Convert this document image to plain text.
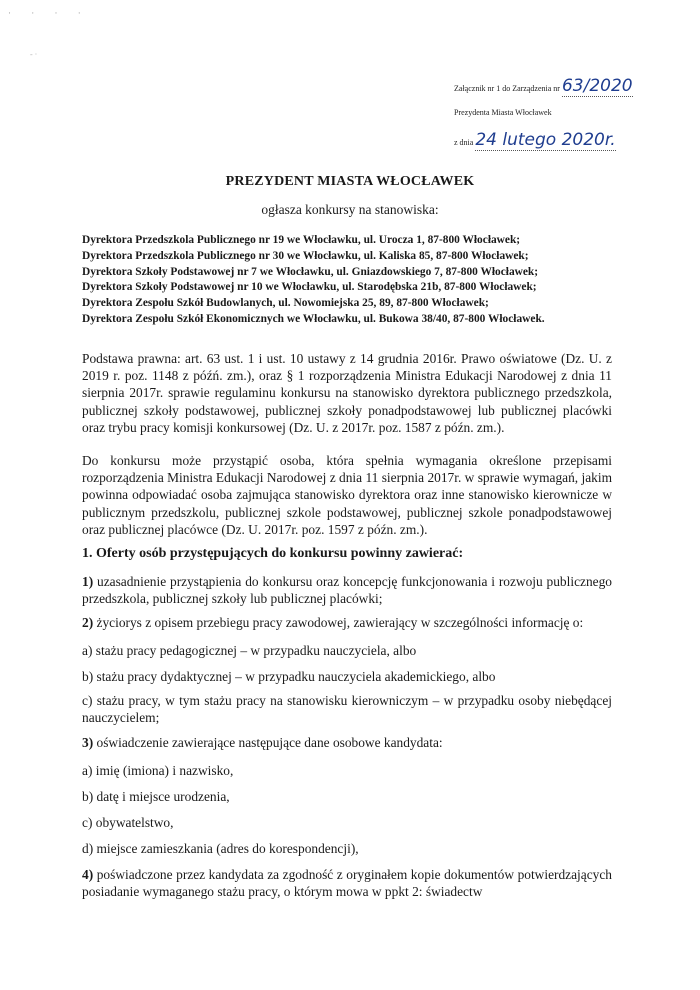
· · · ·
- ·
Załącznik nr 1 do Zarządzenia nr 63/2020
Prezydenta Miasta Włocławek
z dnia 24 lutego 2020r.
PREZYDENT MIASTA WŁOCŁAWEK
ogłasza konkursy na stanowiska:
Dyrektora Przedszkola Publicznego nr 19 we Włocławku, ul. Urocza 1, 87-800 Włocławek;
Dyrektora Przedszkola Publicznego nr 30 we Włocławku, ul. Kaliska 85, 87-800 Włocławek;
Dyrektora Szkoły Podstawowej nr 7 we Włocławku, ul. Gniazdowskiego 7, 87-800 Włocławek;
Dyrektora Szkoły Podstawowej nr 10 we Włocławku, ul. Starodębska 21b, 87-800 Włocławek;
Dyrektora Zespołu Szkół Budowlanych, ul. Nowomiejska 25, 89, 87-800 Włocławek;
Dyrektora Zespołu Szkół Ekonomicznych we Włocławku, ul. Bukowa 38/40, 87-800 Włocławek.

Podstawa prawna: art. 63 ust. 1 i ust. 10 ustawy z 14 grudnia 2016r. Prawo oświatowe (Dz. U. z 2019 r. poz. 1148 z późń. zm.), oraz § 1 rozporządzenia Ministra Edukacji Narodowej z dnia 11 sierpnia 2017r. sprawie regulaminu konkursu na stanowisko dyrektora publicznego przedszkola, publicznej szkoły podstawowej, publicznej szkoły ponadpodstawowej lub publicznej placówki oraz trybu pracy komisji konkursowej (Dz. U. z 2017r. poz. 1587 z późn. zm.).

Do konkursu może przystąpić osoba, która spełnia wymagania określone przepisami rozporządzenia Ministra Edukacji Narodowej z dnia 11 sierpnia 2017r. w sprawie wymagań, jakim powinna odpowiadać osoba zajmująca stanowisko dyrektora oraz inne stanowisko kierownicze w publicznym przedszkolu, publicznej szkole podstawowej, publicznej szkole ponadpodstawowej oraz publicznej placówce (Dz. U. 2017r. poz. 1597 z późn. zm.).

1. Oferty osób przystępujących do konkursu powinny zawierać:
1) uzasadnienie przystąpienia do konkursu oraz koncepcję funkcjonowania i rozwoju publicznego przedszkola, publicznej szkoły lub publicznej placówki;
2) życiorys z opisem przebiegu pracy zawodowej, zawierający w szczególności informację o:
a) stażu pracy pedagogicznej – w przypadku nauczyciela, albo
b) stażu pracy dydaktycznej – w przypadku nauczyciela akademickiego, albo
c) stażu pracy, w tym stażu pracy na stanowisku kierowniczym – w przypadku osoby niebędącej nauczycielem;
3) oświadczenie zawierające następujące dane osobowe kandydata:
a) imię (imiona) i nazwisko,
b) datę i miejsce urodzenia,
c) obywatelstwo,
d) miejsce zamieszkania (adres do korespondencji),
4) poświadczone przez kandydata za zgodność z oryginałem kopie dokumentów potwierdzających posiadanie wymaganego stażu pracy, o którym mowa w ppkt 2: świadectw
